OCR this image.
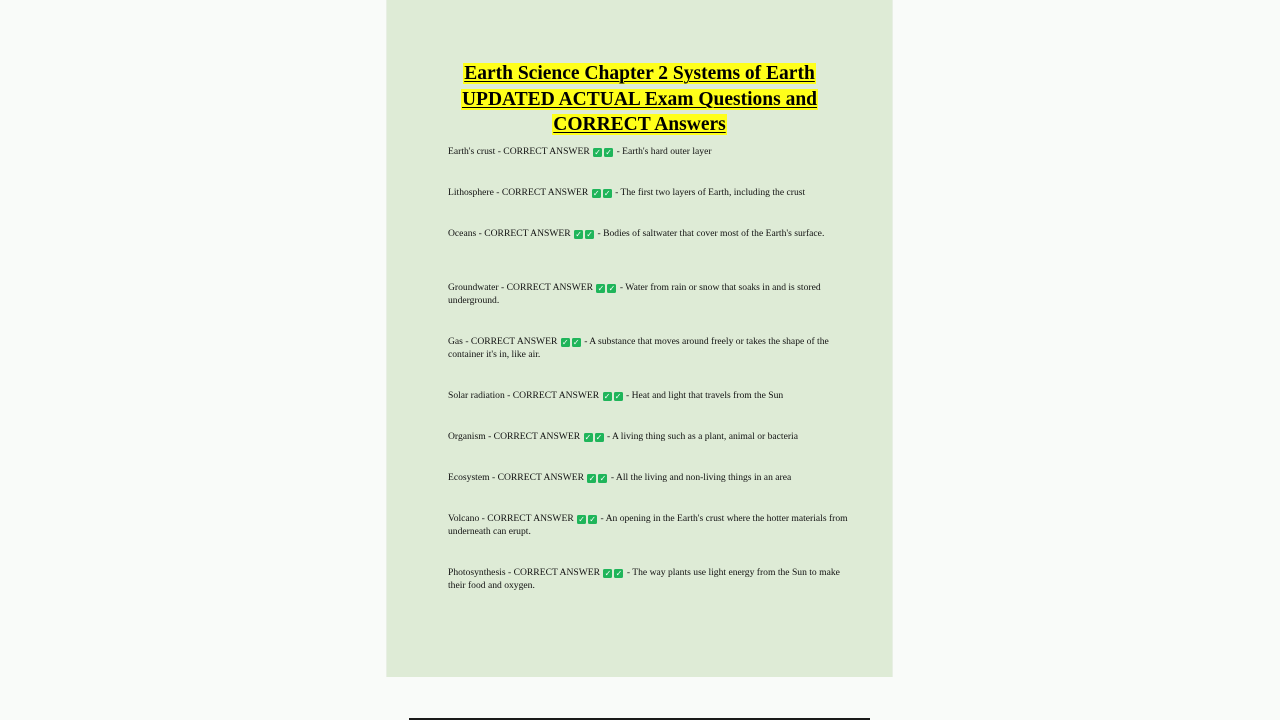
Earth Science Chapter 2 Systems of Earth
UPDATED ACTUAL Exam Questions and
CORRECT Answers
Earth's crust - CORRECT ANSWER ✓ ✓ - Earth's hard outer layer
Lithosphere - CORRECT ANSWER ✓ ✓ - The first two layers of Earth, including the crust
Oceans - CORRECT ANSWER ✓ ✓ - Bodies of saltwater that cover most of the Earth's surface.
Groundwater - CORRECT ANSWER ✓ ✓ - Water from rain or snow that soaks in and is stored underground.
Gas - CORRECT ANSWER ✓ ✓ - A substance that moves around freely or takes the shape of the container it's in, like air.
Solar radiation - CORRECT ANSWER ✓ ✓ - Heat and light that travels from the Sun
Organism - CORRECT ANSWER ✓ ✓ - A living thing such as a plant, animal or bacteria
Ecosystem - CORRECT ANSWER ✓ ✓ - All the living and non-living things in an area
Volcano - CORRECT ANSWER ✓ ✓ - An opening in the Earth's crust where the hotter materials from underneath can erupt.
Photosynthesis - CORRECT ANSWER ✓ ✓ - The way plants use light energy from the Sun to make their food and oxygen.
